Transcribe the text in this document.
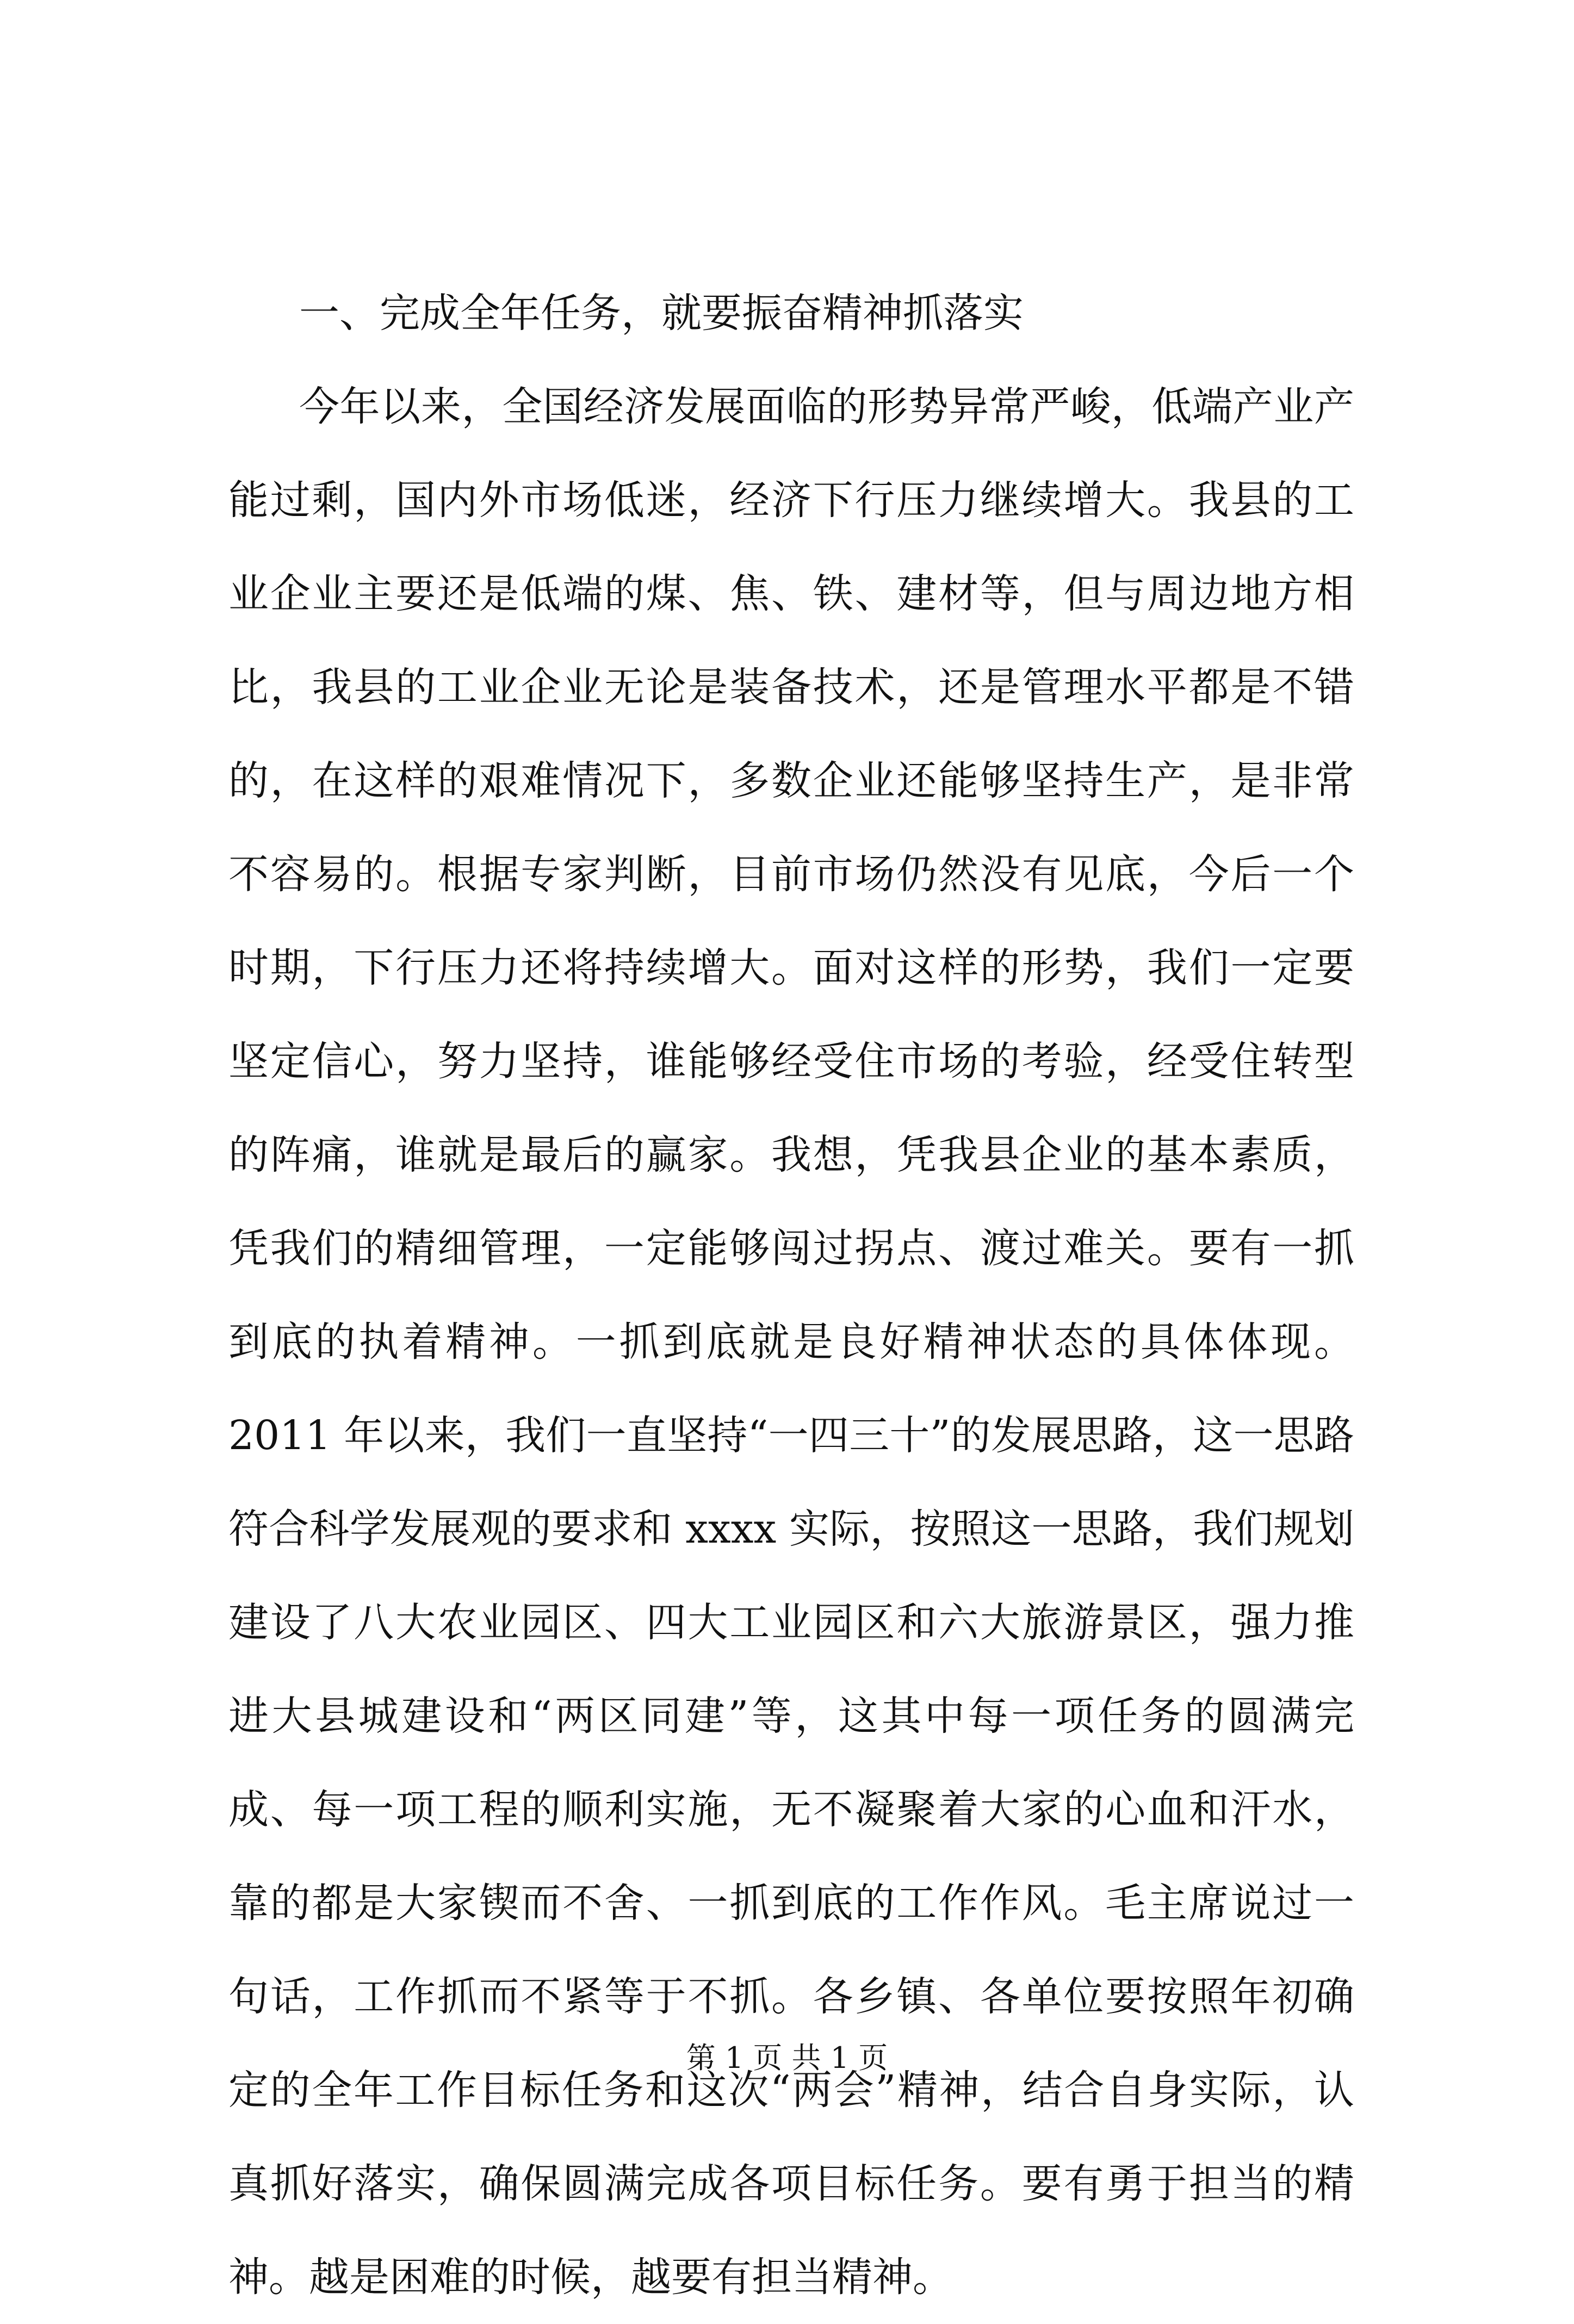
一、完成全年任务，就要振奋精神抓落实

今年以来，全国经济发展面临的形势异常严峻，低端产业产能过剩，国内外市场低迷，经济下行压力继续增大。我县的工业企业主要还是低端的煤、焦、铁、建材等，但与周边地方相比，我县的工业企业无论是装备技术，还是管理水平都是不错的，在这样的艰难情况下，多数企业还能够坚持生产，是非常不容易的。根据专家判断，目前市场仍然没有见底，今后一个时期，下行压力还将持续增大。面对这样的形势，我们一定要坚定信心，努力坚持，谁能够经受住市场的考验，经受住转型的阵痛，谁就是最后的赢家。我想，凭我县企业的基本素质，凭我们的精细管理，一定能够闯过拐点、渡过难关。要有一抓到底的执着精神。一抓到底就是良好精神状态的具体体现。2011 年以来，我们一直坚持“一四三十”的发展思路，这一思路符合科学发展观的要求和 xxxx 实际，按照这一思路，我们规划建设了八大农业园区、四大工业园区和六大旅游景区，强力推进大县城建设和“两区同建”等，这其中每一项任务的圆满完成、每一项工程的顺利实施，无不凝聚着大家的心血和汗水，靠的都是大家锲而不舍、一抓到底的工作作风。毛主席说过一句话，工作抓而不紧等于不抓。各乡镇、各单位要按照年初确定的全年工作目标任务和这次“两会”精神，结合自身实际，认真抓好落实，确保圆满完成各项目标任务。要有勇于担当的精神。越是困难的时候，越要有担当精神。

第 1 页 共 1 页
